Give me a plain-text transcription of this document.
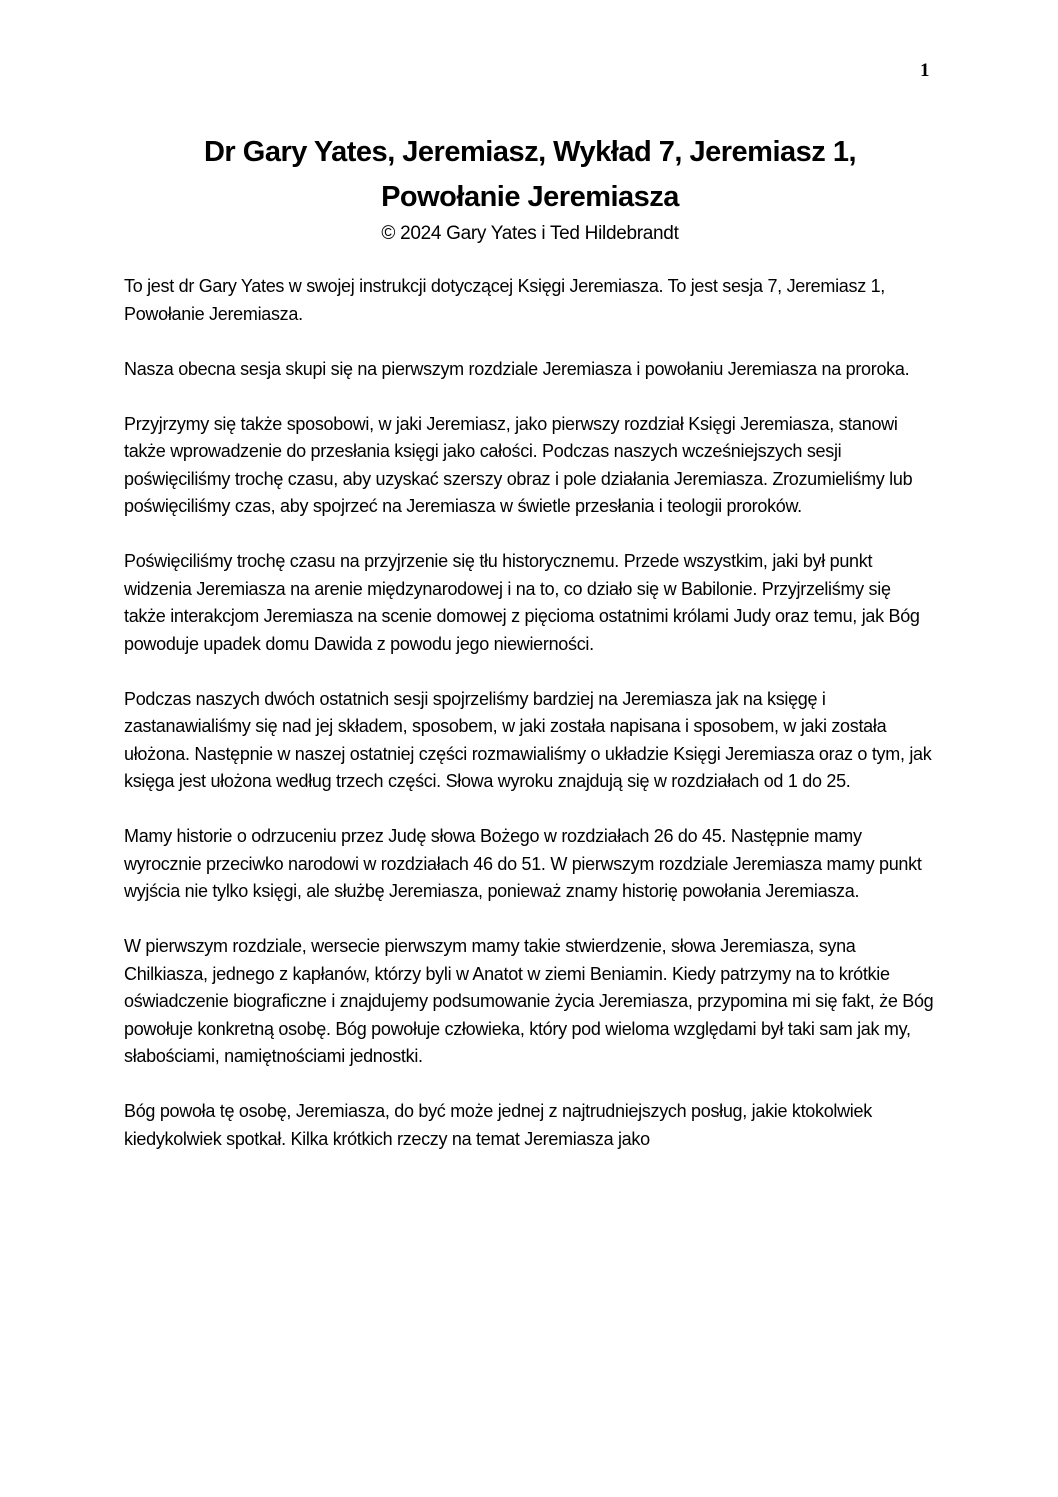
1
Dr Gary Yates, Jeremiasz, Wykład 7, Jeremiasz 1,
Powołanie Jeremiasza
© 2024 Gary Yates i Ted Hildebrandt

To jest dr Gary Yates w swojej instrukcji dotyczącej Księgi Jeremiasza. To jest sesja 7, Jeremiasz 1, Powołanie Jeremiasza.

Nasza obecna sesja skupi się na pierwszym rozdziale Jeremiasza i powołaniu Jeremiasza na proroka.

Przyjrzymy się także sposobowi, w jaki Jeremiasz, jako pierwszy rozdział Księgi Jeremiasza, stanowi także wprowadzenie do przesłania księgi jako całości. Podczas naszych wcześniejszych sesji poświęciliśmy trochę czasu, aby uzyskać szerszy obraz i pole działania Jeremiasza. Zrozumieliśmy lub poświęciliśmy czas, aby spojrzeć na Jeremiasza w świetle przesłania i teologii proroków.

Poświęciliśmy trochę czasu na przyjrzenie się tłu historycznemu. Przede wszystkim, jaki był punkt widzenia Jeremiasza na arenie międzynarodowej i na to, co działo się w Babilonie. Przyjrzeliśmy się także interakcjom Jeremiasza na scenie domowej z pięcioma ostatnimi królami Judy oraz temu, jak Bóg powoduje upadek domu Dawida z powodu jego niewierności.

Podczas naszych dwóch ostatnich sesji spojrzeliśmy bardziej na Jeremiasza jak na księgę i zastanawialiśmy się nad jej składem, sposobem, w jaki została napisana i sposobem, w jaki została ułożona. Następnie w naszej ostatniej części rozmawialiśmy o układzie Księgi Jeremiasza oraz o tym, jak księga jest ułożona według trzech części. Słowa wyroku znajdują się w rozdziałach od 1 do 25.

Mamy historie o odrzuceniu przez Judę słowa Bożego w rozdziałach 26 do 45. Następnie mamy wyrocznie przeciwko narodowi w rozdziałach 46 do 51. W pierwszym rozdziale Jeremiasza mamy punkt wyjścia nie tylko księgi, ale służbę Jeremiasza, ponieważ znamy historię powołania Jeremiasza.

W pierwszym rozdziale, wersecie pierwszym mamy takie stwierdzenie, słowa Jeremiasza, syna Chilkiasza, jednego z kapłanów, którzy byli w Anatot w ziemi Beniamin. Kiedy patrzymy na to krótkie oświadczenie biograficzne i znajdujemy podsumowanie życia Jeremiasza, przypomina mi się fakt, że Bóg powołuje konkretną osobę. Bóg powołuje człowieka, który pod wieloma względami był taki sam jak my, słabościami, namiętnościami jednostki.

Bóg powoła tę osobę, Jeremiasza, do być może jednej z najtrudniejszych posług, jakie ktokolwiek kiedykolwiek spotkał. Kilka krótkich rzeczy na temat Jeremiasza jako
